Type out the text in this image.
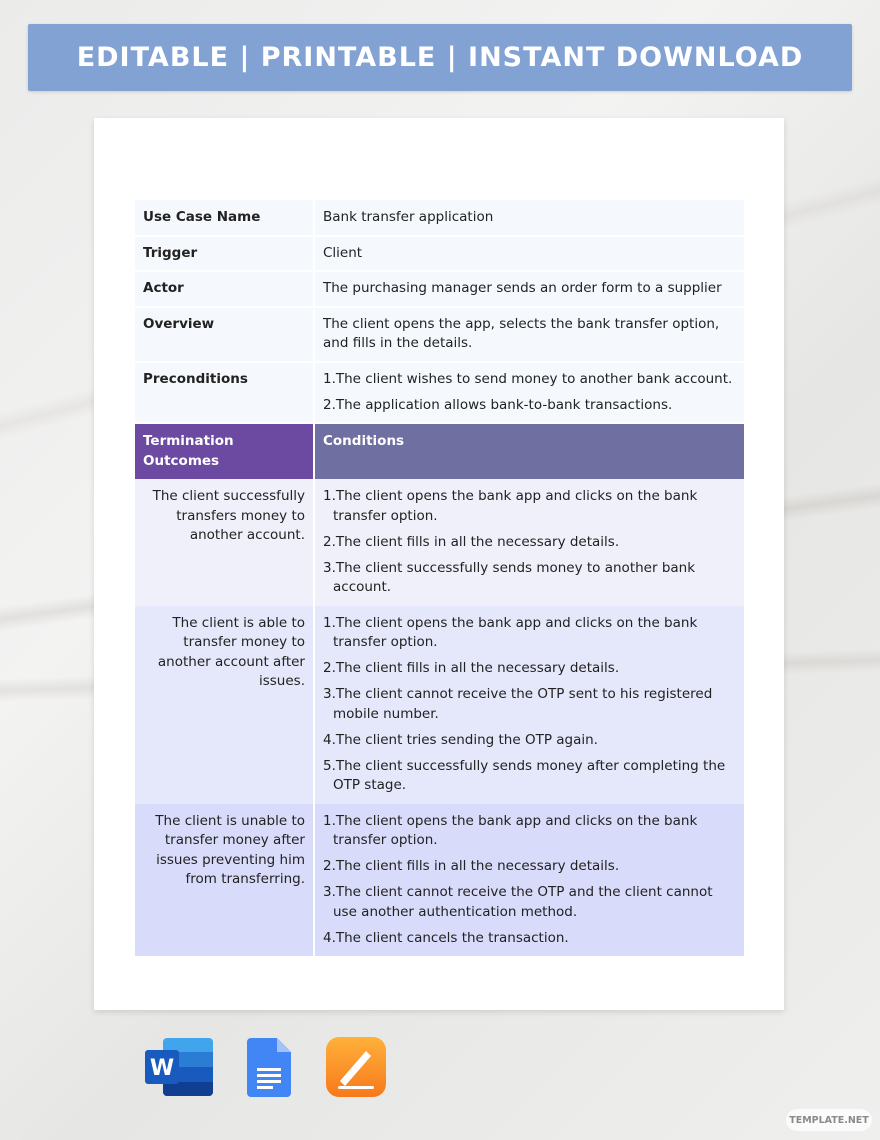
EDITABLE | PRINTABLE | INSTANT DOWNLOAD
Use Case Name	Bank transfer application
Trigger	Client
Actor	The purchasing manager sends an order form to a supplier
Overview	The client opens the app, selects the bank transfer option, and fills in the details.
Preconditions	1.The client wishes to send money to another bank account.

2.The application allows bank-to-bank transactions.

Termination Outcomes	Conditions
The client successfully transfers money to another account.	1.The client opens the bank app and clicks on the bank transfer option.

2.The client fills in all the necessary details.

3.The client successfully sends money to another bank account.

The client is able to transfer money to another account after issues.	1.The client opens the bank app and clicks on the bank transfer option.

2.The client fills in all the necessary details.

3.The client cannot receive the OTP sent to his registered mobile number.

4.The client tries sending the OTP again.

5.The client successfully sends money after completing the OTP stage.

The client is unable to transfer money after issues preventing him from transferring.	1.The client opens the bank app and clicks on the bank transfer option.

2.The client fills in all the necessary details.

3.The client cannot receive the OTP and the client cannot use another authentication method.

4.The client cancels the transaction.

W
TEMPLATE.NET
